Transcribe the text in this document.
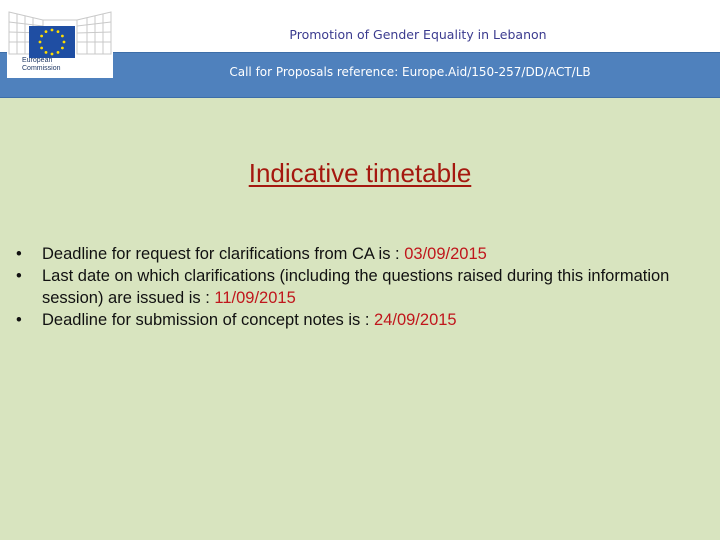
European
Commission
Promotion of Gender Equality in Lebanon
Call for Proposals reference: Europe.Aid/150-257/DD/ACT/LB
Indicative timetable
• Deadline for request for clarifications from CA is : 03/09/2015
• Last date on which clarifications (including the questions raised during this information session) are issued is : 11/09/2015
• Deadline for submission of concept notes is : 24/09/2015
